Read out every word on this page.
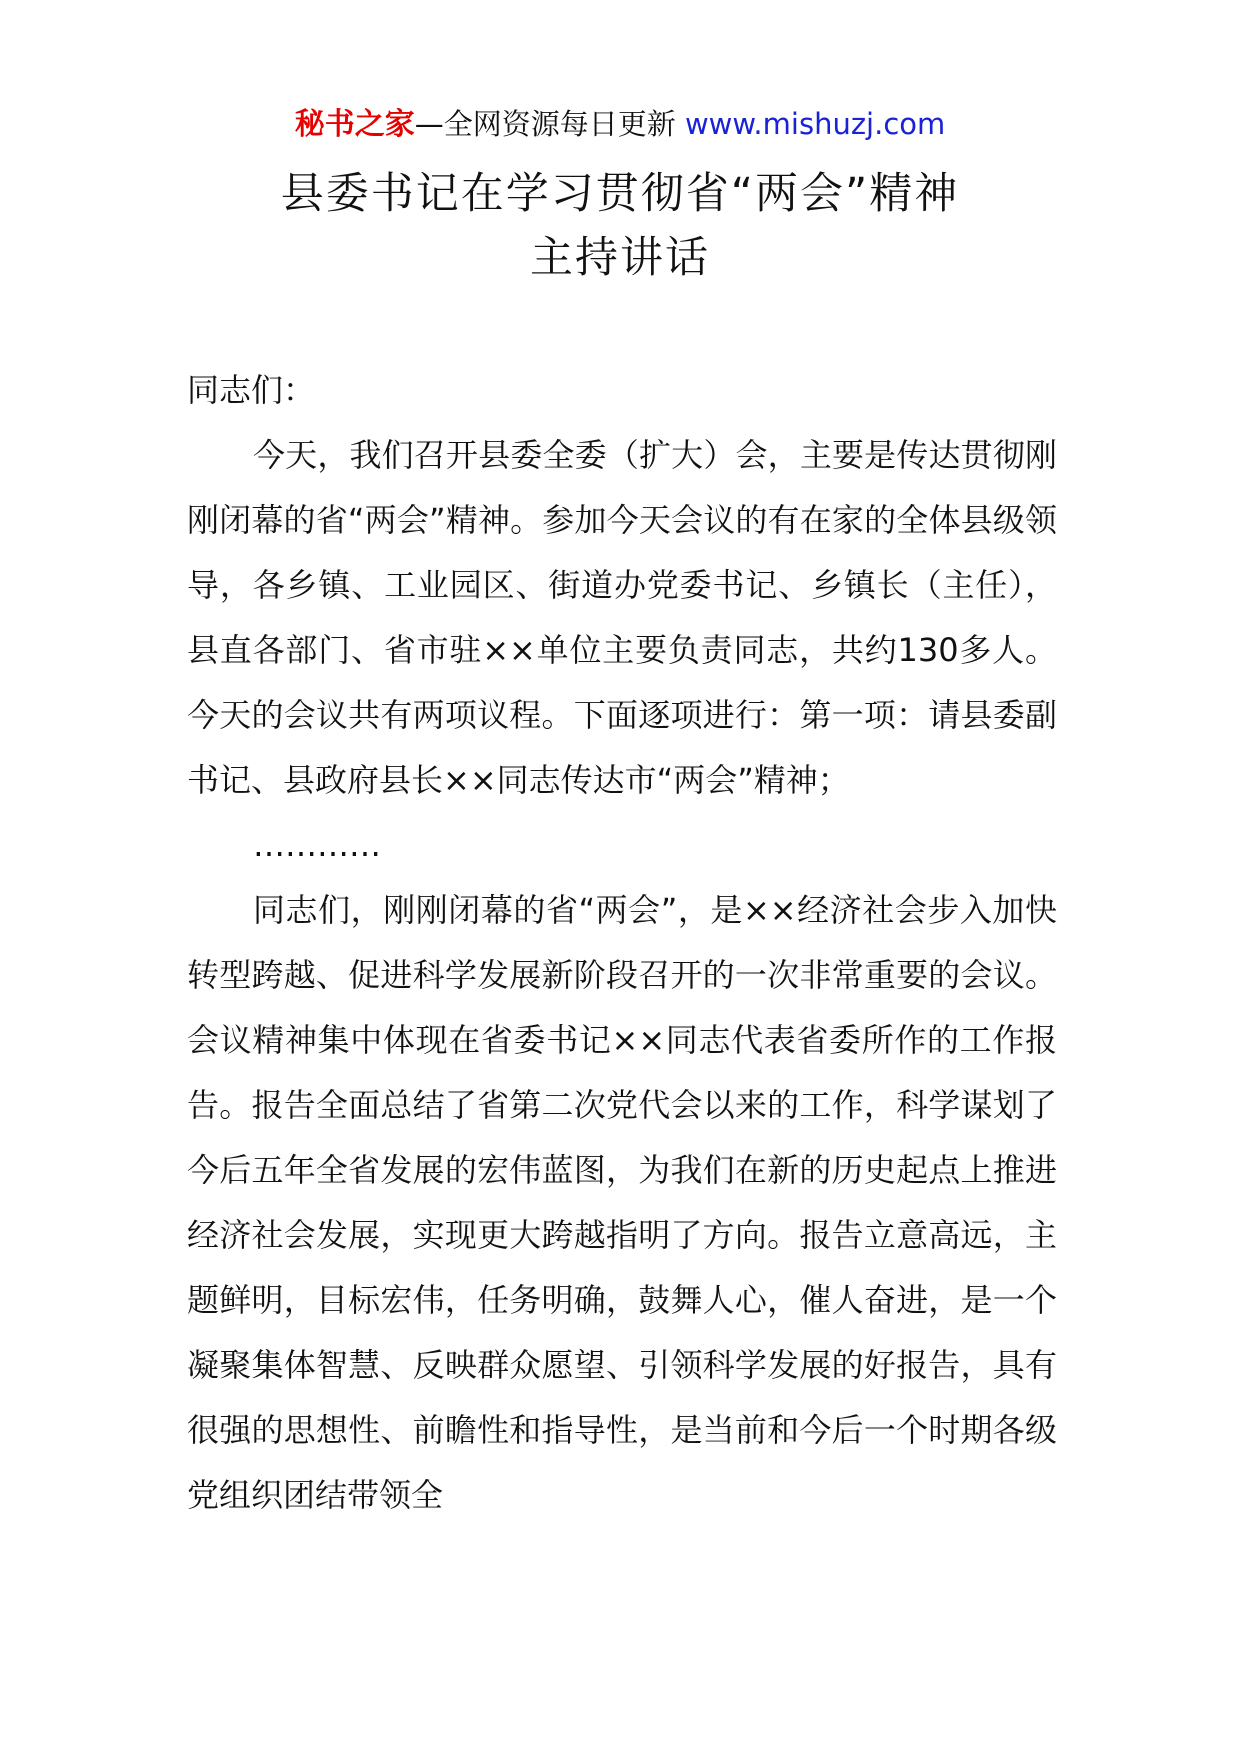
秘书之家—全网资源每日更新 www.mishuzj.com
县委书记在学习贯彻省“两会”精神
主持讲话

同志们：

今天，我们召开县委全委（扩大）会，主要是传达贯彻刚刚闭幕的省“两会”精神。参加今天会议的有在家的全体县级领导，各乡镇、工业园区、街道办党委书记、乡镇长（主任），县直各部门、省市驻××单位主要负责同志，共约130多人。今天的会议共有两项议程。下面逐项进行：第一项：请县委副书记、县政府县长××同志传达市“两会”精神；

…………

同志们，刚刚闭幕的省“两会”，是××经济社会步入加快转型跨越、促进科学发展新阶段召开的一次非常重要的会议。会议精神集中体现在省委书记××同志代表省委所作的工作报告。报告全面总结了省第二次党代会以来的工作，科学谋划了今后五年全省发展的宏伟蓝图，为我们在新的历史起点上推进经济社会发展，实现更大跨越指明了方向。报告立意高远，主题鲜明，目标宏伟，任务明确，鼓舞人心，催人奋进，是一个凝聚集体智慧、反映群众愿望、引领科学发展的好报告，具有很强的思想性、前瞻性和指导性，是当前和今后一个时期各级党组织团结带领全
